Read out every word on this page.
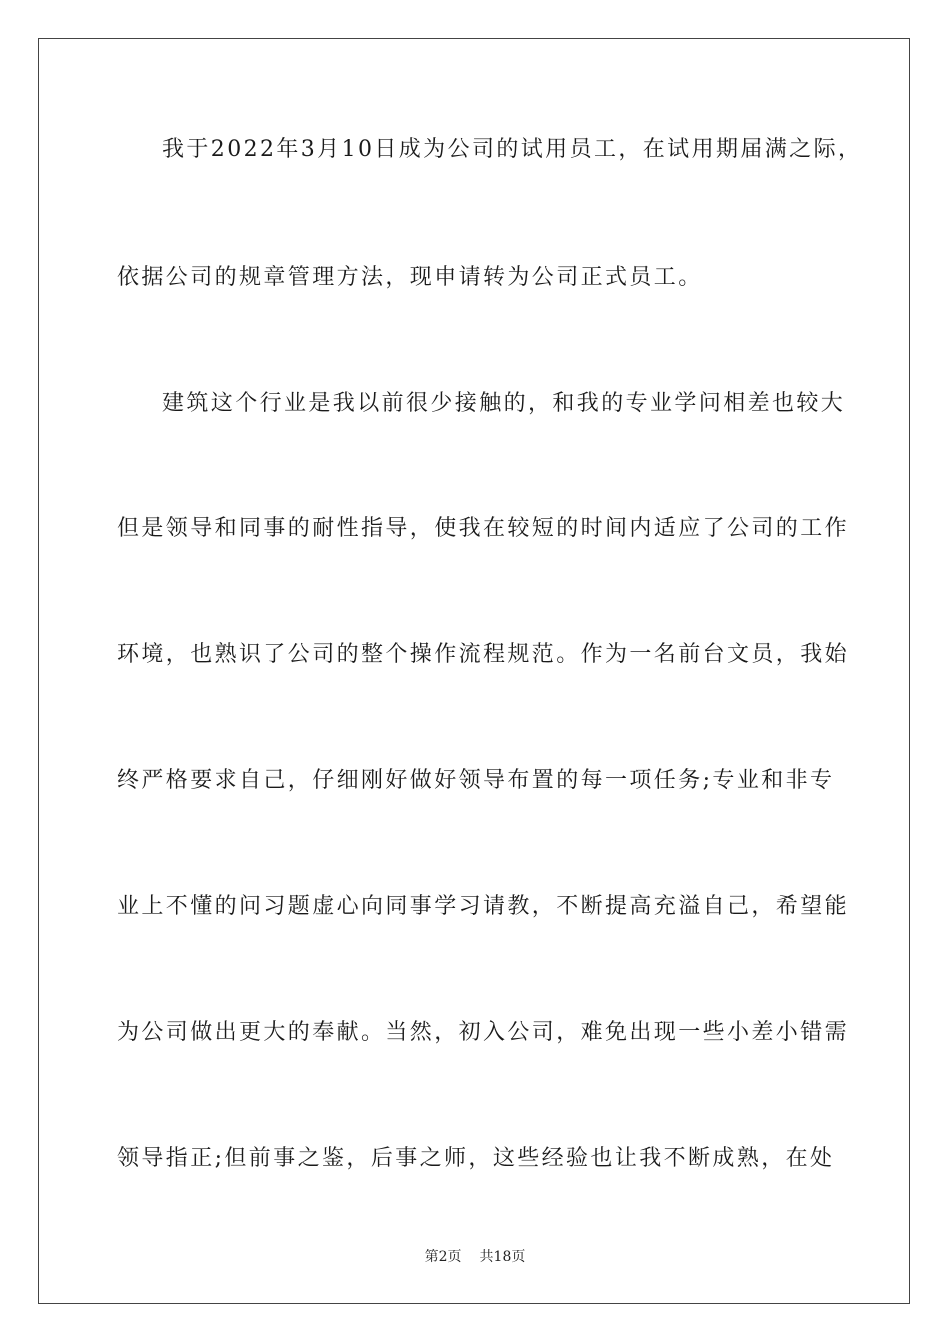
我于2022年3月10日成为公司的试用员工，在试用期届满之际，
依据公司的规章管理方法，现申请转为公司正式员工。
建筑这个行业是我以前很少接触的，和我的专业学问相差也较大
但是领导和同事的耐性指导，使我在较短的时间内适应了公司的工作
环境，也熟识了公司的整个操作流程规范。作为一名前台文员，我始
终严格要求自己，仔细刚好做好领导布置的每一项任务;专业和非专
业上不懂的问习题虚心向同事学习请教，不断提高充溢自己，希望能
为公司做出更大的奉献。当然，初入公司，难免出现一些小差小错需
领导指正;但前事之鉴，后事之师，这些经验也让我不断成熟，在处
第2页 共18页
